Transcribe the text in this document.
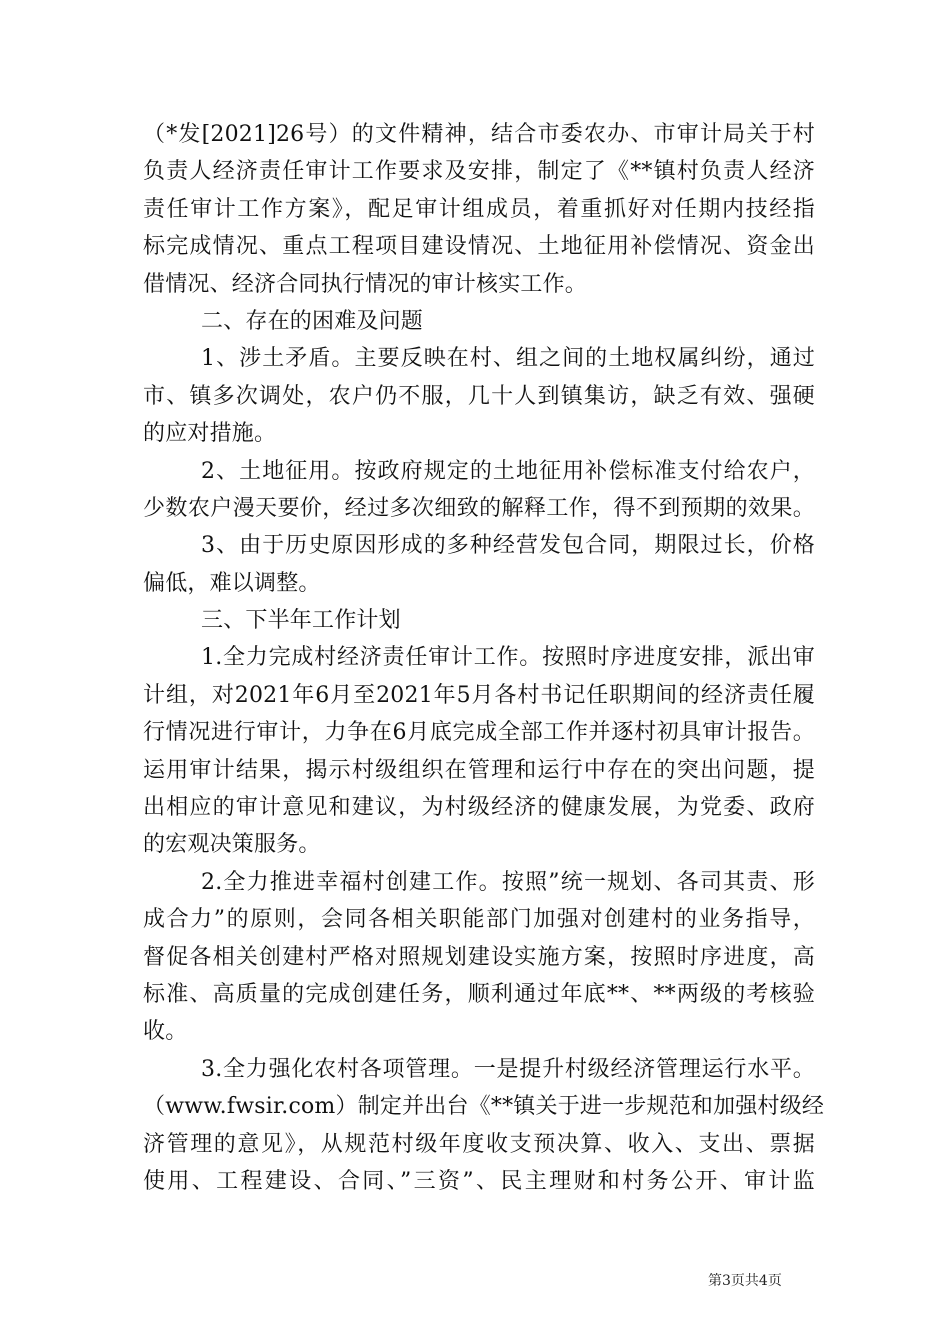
（*发[2021]26号）的文件精神，结合市委农办、市审计局关于村
负责人经济责任审计工作要求及安排，制定了《**镇村负责人经济
责任审计工作方案》，配足审计组成员，着重抓好对任期内技经指
标完成情况、重点工程项目建设情况、土地征用补偿情况、资金出
借情况、经济合同执行情况的审计核实工作。
二、存在的困难及问题
1、涉土矛盾。主要反映在村、组之间的土地权属纠纷，通过
市、镇多次调处，农户仍不服，几十人到镇集访，缺乏有效、强硬
的应对措施。
2、土地征用。按政府规定的土地征用补偿标准支付给农户，
少数农户漫天要价，经过多次细致的解释工作，得不到预期的效果。
3、由于历史原因形成的多种经营发包合同，期限过长，价格
偏低，难以调整。
三、下半年工作计划
1.全力完成村经济责任审计工作。按照时序进度安排，派出审
计组，对2021年6月至2021年5月各村书记任职期间的经济责任履
行情况进行审计，力争在6月底完成全部工作并逐村初具审计报告。
运用审计结果，揭示村级组织在管理和运行中存在的突出问题，提
出相应的审计意见和建议，为村级经济的健康发展，为党委、政府
的宏观决策服务。
2.全力推进幸福村创建工作。按照”统一规划、各司其责、形
成合力”的原则，会同各相关职能部门加强对创建村的业务指导，
督促各相关创建村严格对照规划建设实施方案，按照时序进度，高
标准、高质量的完成创建任务，顺利通过年底**、**两级的考核验
收。
3.全力强化农村各项管理。一是提升村级经济管理运行水平。
（www.fwsir.com）制定并出台《**镇关于进一步规范和加强村级经
济管理的意见》，从规范村级年度收支预决算、收入、支出、票据
使用、工程建设、合同、”三资”、民主理财和村务公开、审计监
第3页共4页
